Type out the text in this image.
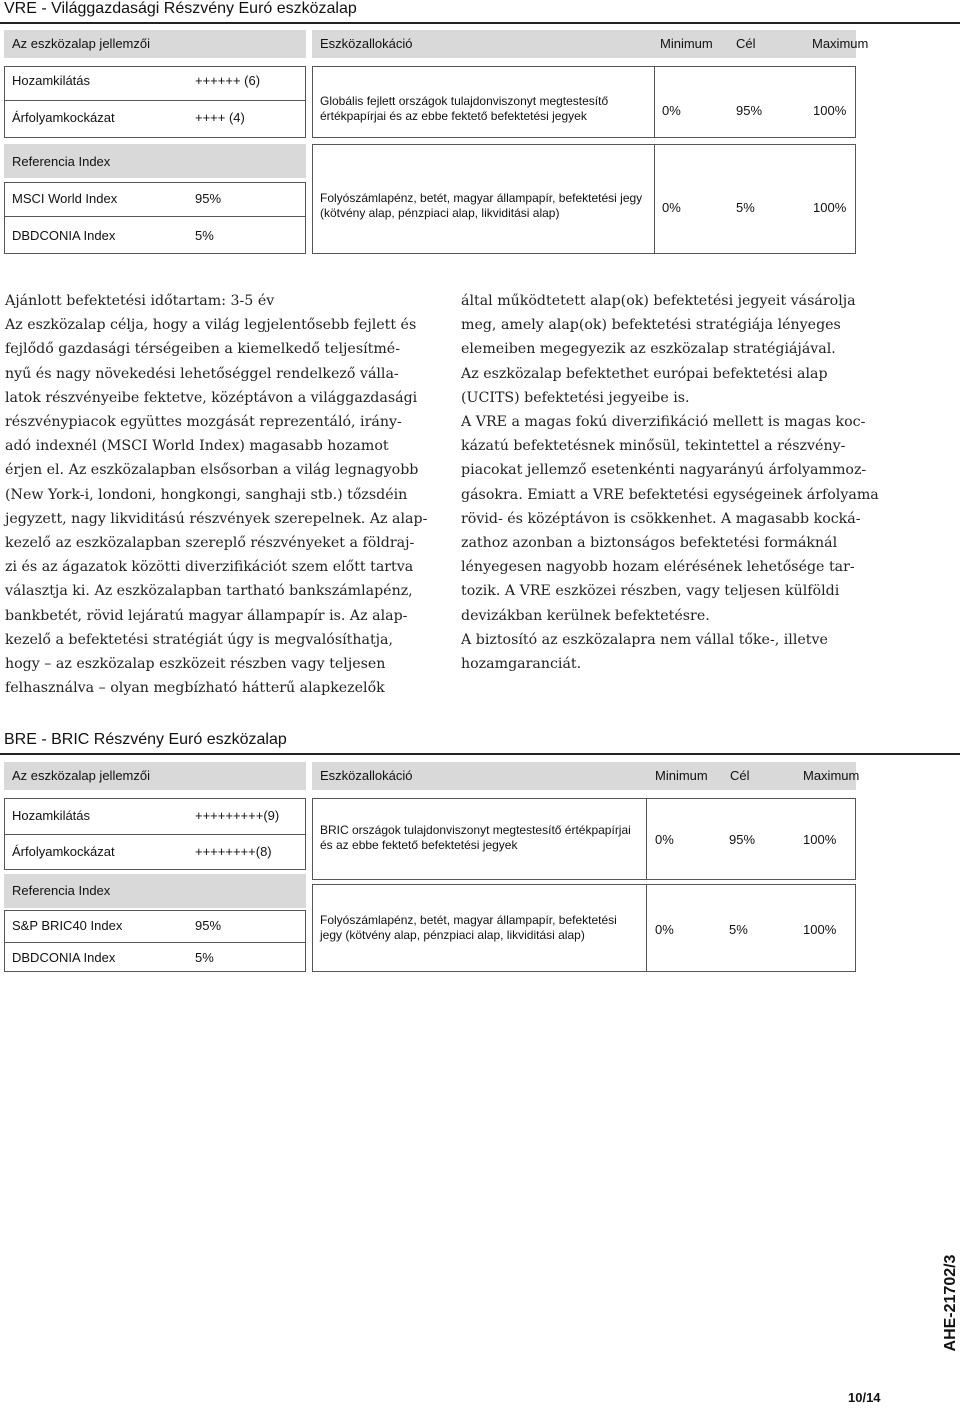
VRE - Világgazdasági Részvény Euró eszközalap
Az eszközalap jellemzői	Eszközallokáció	Minimum Cél	Maximum
Hozamkilátás	++++++ (6)
Árfolyamkockázat	++++ (4)
Referencia Index
MSCI World Index	95%
DBDCONIA Index	5%
Globális fejlett országok tulajdonviszonyt megtestesítő értékpapírjai és az ebbe fektető befektetési jegyek	0%	95%	100%
Folyószámlapénz, betét, magyar állampapír, befektetési jegy (kötvény alap, pénzpiaci alap, likviditási alap)	0%	5%	100%

Ajánlott befektetési időtartam: 3-5 év

Az eszközalap célja, hogy a világ legjelentősebb fejlett és

fejlődő gazdasági térségeiben a kiemelkedő teljesítmé-

nyű és nagy növekedési lehetőséggel rendelkező válla-

latok részvényeibe fektetve, középtávon a világgazdasági

részvénypiacok együttes mozgását reprezentáló, irány-

adó indexnél (MSCI World Index) magasabb hozamot

érjen el. Az eszközalapban elsősorban a világ legnagyobb

(New York-i, londoni, hongkongi, sanghaji stb.) tőzsdéin

jegyzett, nagy likviditású részvények szerepelnek. Az alap-

kezelő az eszközalapban szereplő részvényeket a földraj-

zi és az ágazatok közötti diverzifikációt szem előtt tartva

választja ki. Az eszközalapban tartható bankszámlapénz,

bankbetét, rövid lejáratú magyar állampapír is. Az alap-

kezelő a befektetési stratégiát úgy is megvalósíthatja,

hogy – az eszközalap eszközeit részben vagy teljesen

felhasználva – olyan megbízható hátterű alapkezelők

által működtetett alap(ok) befektetési jegyeit vásárolja

meg, amely alap(ok) befektetési stratégiája lényeges

elemeiben megegyezik az eszközalap stratégiájával.

Az eszközalap befektethet európai befektetési alap

(UCITS) befektetési jegyeibe is.

A VRE a magas fokú diverzifikáció mellett is magas koc-

kázatú befektetésnek minősül, tekintettel a részvény-

piacokat jellemző esetenkénti nagyarányú árfolyammoz-

gásokra. Emiatt a VRE befektetési egységeinek árfolyama

rövid- és középtávon is csökkenhet. A magasabb kocká-

zathoz azonban a biztonságos befektetési formáknál

lényegesen nagyobb hozam elérésének lehetősége tar-

tozik. A VRE eszközei részben, vagy teljesen külföldi

devizákban kerülnek befektetésre.

A biztosító az eszközalapra nem vállal tőke-, illetve

hozamgaranciát.

BRE - BRIC Részvény Euró eszközalap
Az eszközalap jellemzői	Eszközallokáció	Minimum Cél	Maximum
Hozamkilátás	+++++++++(9)
Árfolyamkockázat	++++++++(8)
Referencia Index
S&P BRIC40 Index	95%
DBDCONIA Index	5%
BRIC országok tulajdonviszonyt megtestesítő értékpapírjai és az ebbe fektető befektetési jegyek	0%	95%	100%
Folyószámlapénz, betét, magyar állampapír, befektetési jegy (kötvény alap, pénzpiaci alap, likviditási alap)	0%	5%	100%
AHE-21702/3
10/14
